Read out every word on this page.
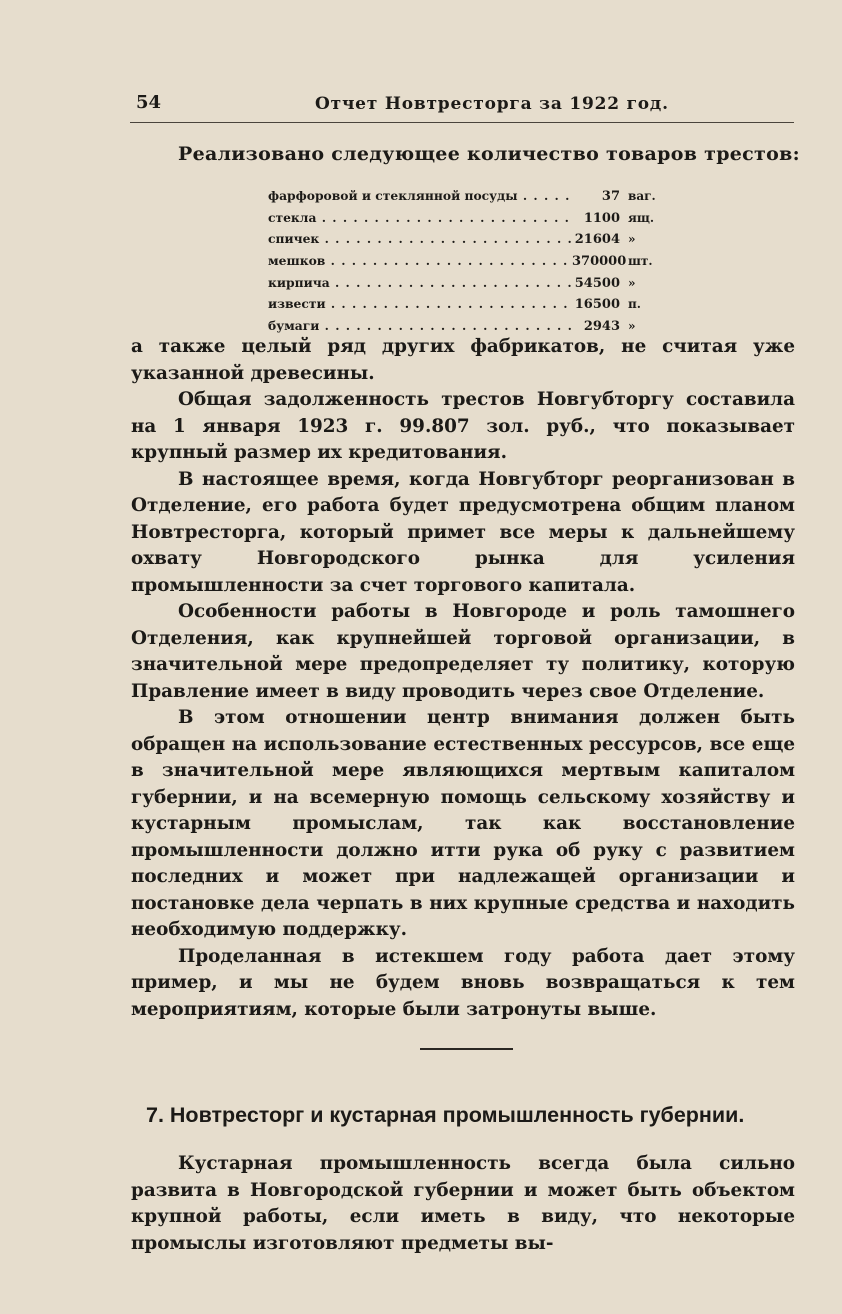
54	Отчет Новтресторга за 1922 год.
Реализовано следующее количество товаров трестов:
фарфоровой и стеклянной посуды . . .	37 ваг.
стекла . . .	1100 ящ.
спичек . . .	21604 »
мешков . . .	370000 шт.
кирпича . . .	54500 »
извести . . .	16500 п.
бумаги . . .	2943 »

а также целый ряд других фабрикатов, не считая уже указанной древесины.

Общая задолженность трестов Новгубторгу составила на 1 января 1923 г. 99.807 зол. руб., что показывает крупный размер их кредитования.

В настоящее время, когда Новгубторг реорганизован в Отделение, его работа будет предусмотрена общим планом Новтресторга, который примет все меры к дальнейшему охвату Новгородского рынка для усиления промышленности за счет торгового капитала.

Особенности работы в Новгороде и роль тамошнего Отделения, как крупнейшей торговой организации, в значительной мере предопределяет ту политику, которую Правление имеет в виду проводить через свое Отделение.

В этом отношении центр внимания должен быть обращен на использование естественных рессурсов, все еще в значительной мере являющихся мертвым капиталом губернии, и на всемерную помощь сельскому хозяйству и кустарным промыслам, так как восстановление промышленности должно итти рука об руку с развитием последних и может при надлежащей организации и постановке дела черпать в них крупные средства и находить необходимую поддержку.

Проделанная в истекшем году работа дает этому пример, и мы не будем вновь возвращаться к тем мероприятиям, которые были затронуты выше.

7. Новтресторг и кустарная промышленность губернии.

Кустарная промышленность всегда была сильно развита в Новгородской губернии и может быть объектом крупной работы, если иметь в виду, что некоторые промыслы изготовляют предметы вы-
